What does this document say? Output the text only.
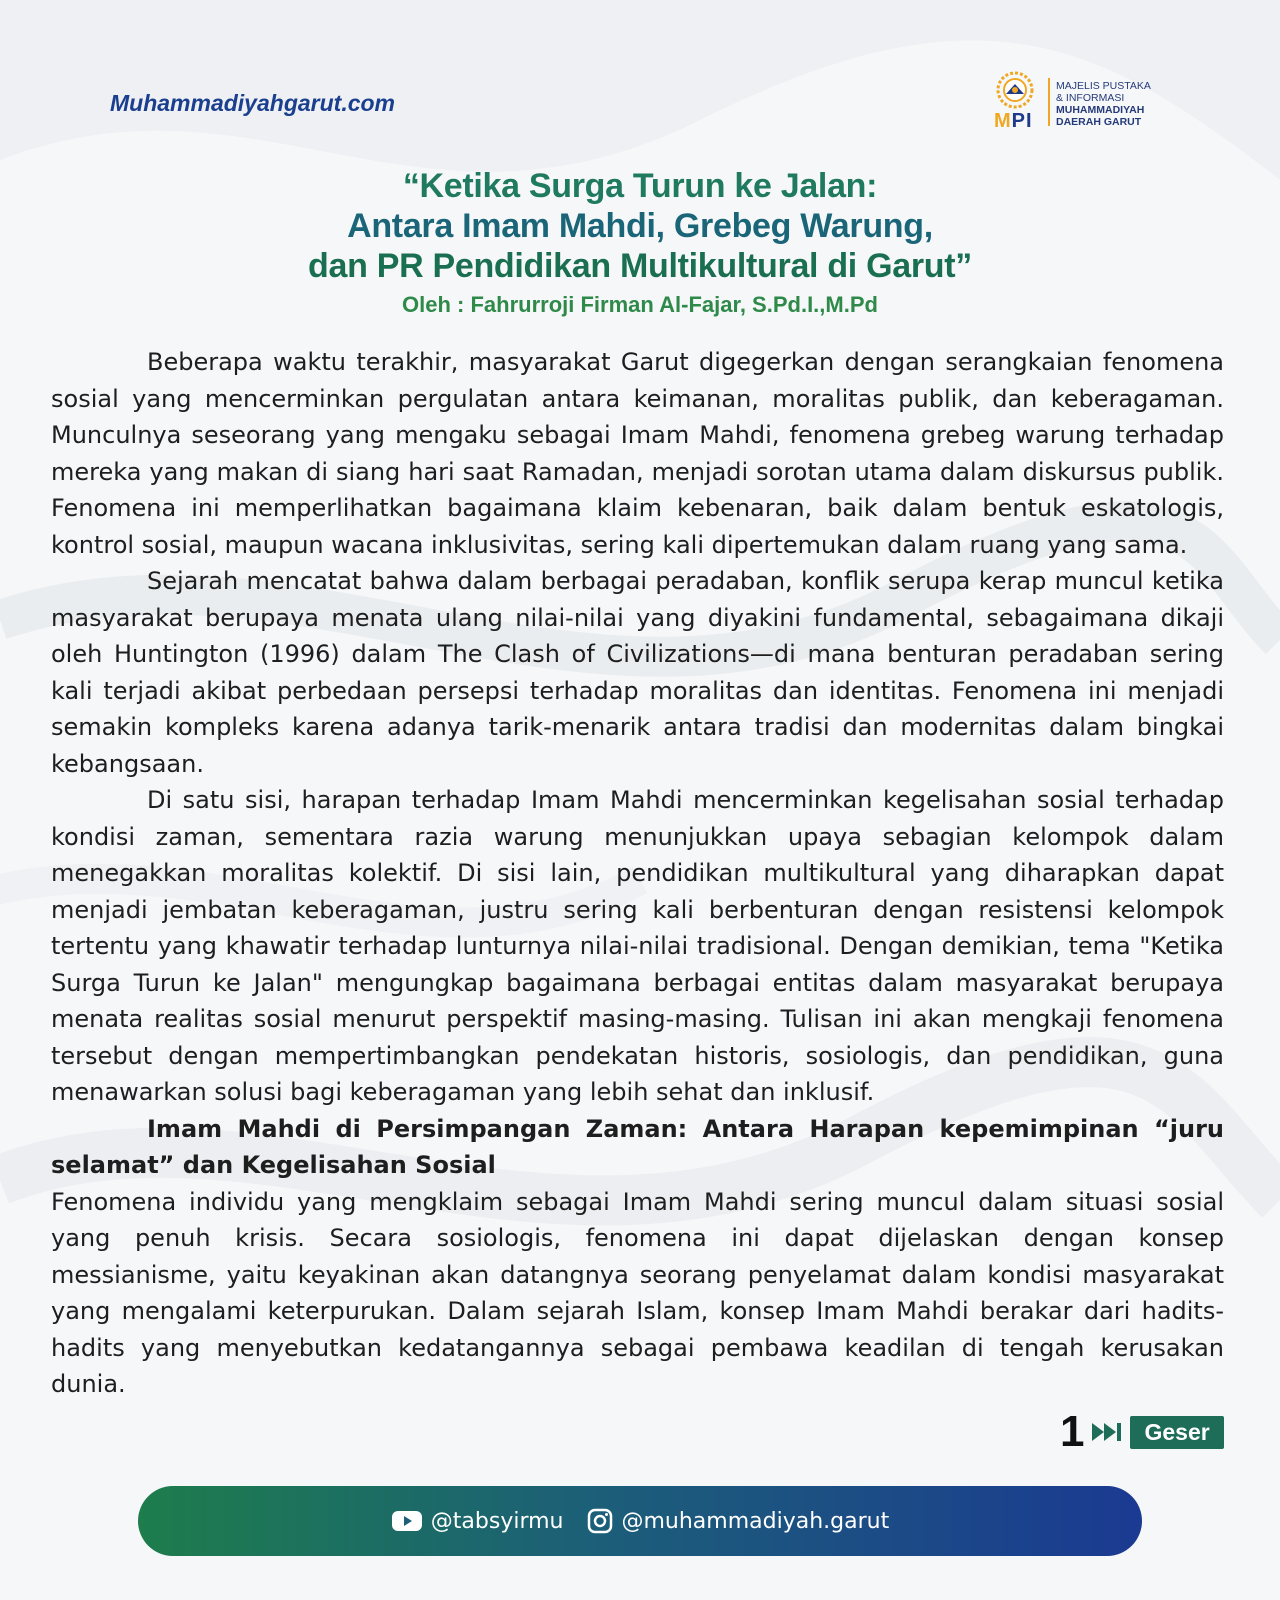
Muhammadiyahgarut.com
MPI
MAJELIS PUSTAKA
& INFORMASI
MUHAMMADIYAH
DAERAH GARUT
“Ketika Surga Turun ke Jalan:
Antara Imam Mahdi, Grebeg Warung,
dan PR Pendidikan Multikultural di Garut”
Oleh : Fahrurroji Firman Al-Fajar, S.Pd.I.,M.Pd

Beberapa waktu terakhir, masyarakat Garut digegerkan dengan serangkaian fenomena sosial yang mencerminkan pergulatan antara keimanan, moralitas publik, dan keberagaman. Munculnya seseorang yang mengaku sebagai Imam Mahdi, fenomena grebeg warung terhadap mereka yang makan di siang hari saat Ramadan, menjadi sorotan utama dalam diskursus publik. Fenomena ini memperlihatkan bagaimana klaim kebenaran, baik dalam bentuk eskatologis, kontrol sosial, maupun wacana inklusivitas, sering kali dipertemukan dalam ruang yang sama.

Sejarah mencatat bahwa dalam berbagai peradaban, konflik serupa kerap muncul ketika masyarakat berupaya menata ulang nilai-nilai yang diyakini fundamental, sebagaimana dikaji oleh Huntington (1996) dalam The Clash of Civilizations—di mana benturan peradaban sering kali terjadi akibat perbedaan persepsi terhadap moralitas dan identitas. Fenomena ini menjadi semakin kompleks karena adanya tarik-menarik antara tradisi dan modernitas dalam bingkai kebangsaan.

Di satu sisi, harapan terhadap Imam Mahdi mencerminkan kegelisahan sosial terhadap kondisi zaman, sementara razia warung menunjukkan upaya sebagian kelompok dalam menegakkan moralitas kolektif. Di sisi lain, pendidikan multikultural yang diharapkan dapat menjadi jembatan keberagaman, justru sering kali berbenturan dengan resistensi kelompok tertentu yang khawatir terhadap lunturnya nilai-nilai tradisional. Dengan demikian, tema "Ketika Surga Turun ke Jalan" mengungkap bagaimana berbagai entitas dalam masyarakat berupaya menata realitas sosial menurut perspektif masing-masing. Tulisan ini akan mengkaji fenomena tersebut dengan mempertimbangkan pendekatan historis, sosiologis, dan pendidikan, guna menawarkan solusi bagi keberagaman yang lebih sehat dan inklusif.

Imam Mahdi di Persimpangan Zaman: Antara Harapan kepemimpinan “juru selamat” dan Kegelisahan Sosial

Fenomena individu yang mengklaim sebagai Imam Mahdi sering muncul dalam situasi sosial yang penuh krisis. Secara sosiologis, fenomena ini dapat dijelaskan dengan konsep messianisme, yaitu keyakinan akan datangnya seorang penyelamat dalam kondisi masyarakat yang mengalami keterpurukan. Dalam sejarah Islam, konsep Imam Mahdi berakar dari hadits-hadits yang menyebutkan kedatangannya sebagai pembawa keadilan di tengah kerusakan dunia.

1	Geser
@tabsyirmu	@muhammadiyah.garut
